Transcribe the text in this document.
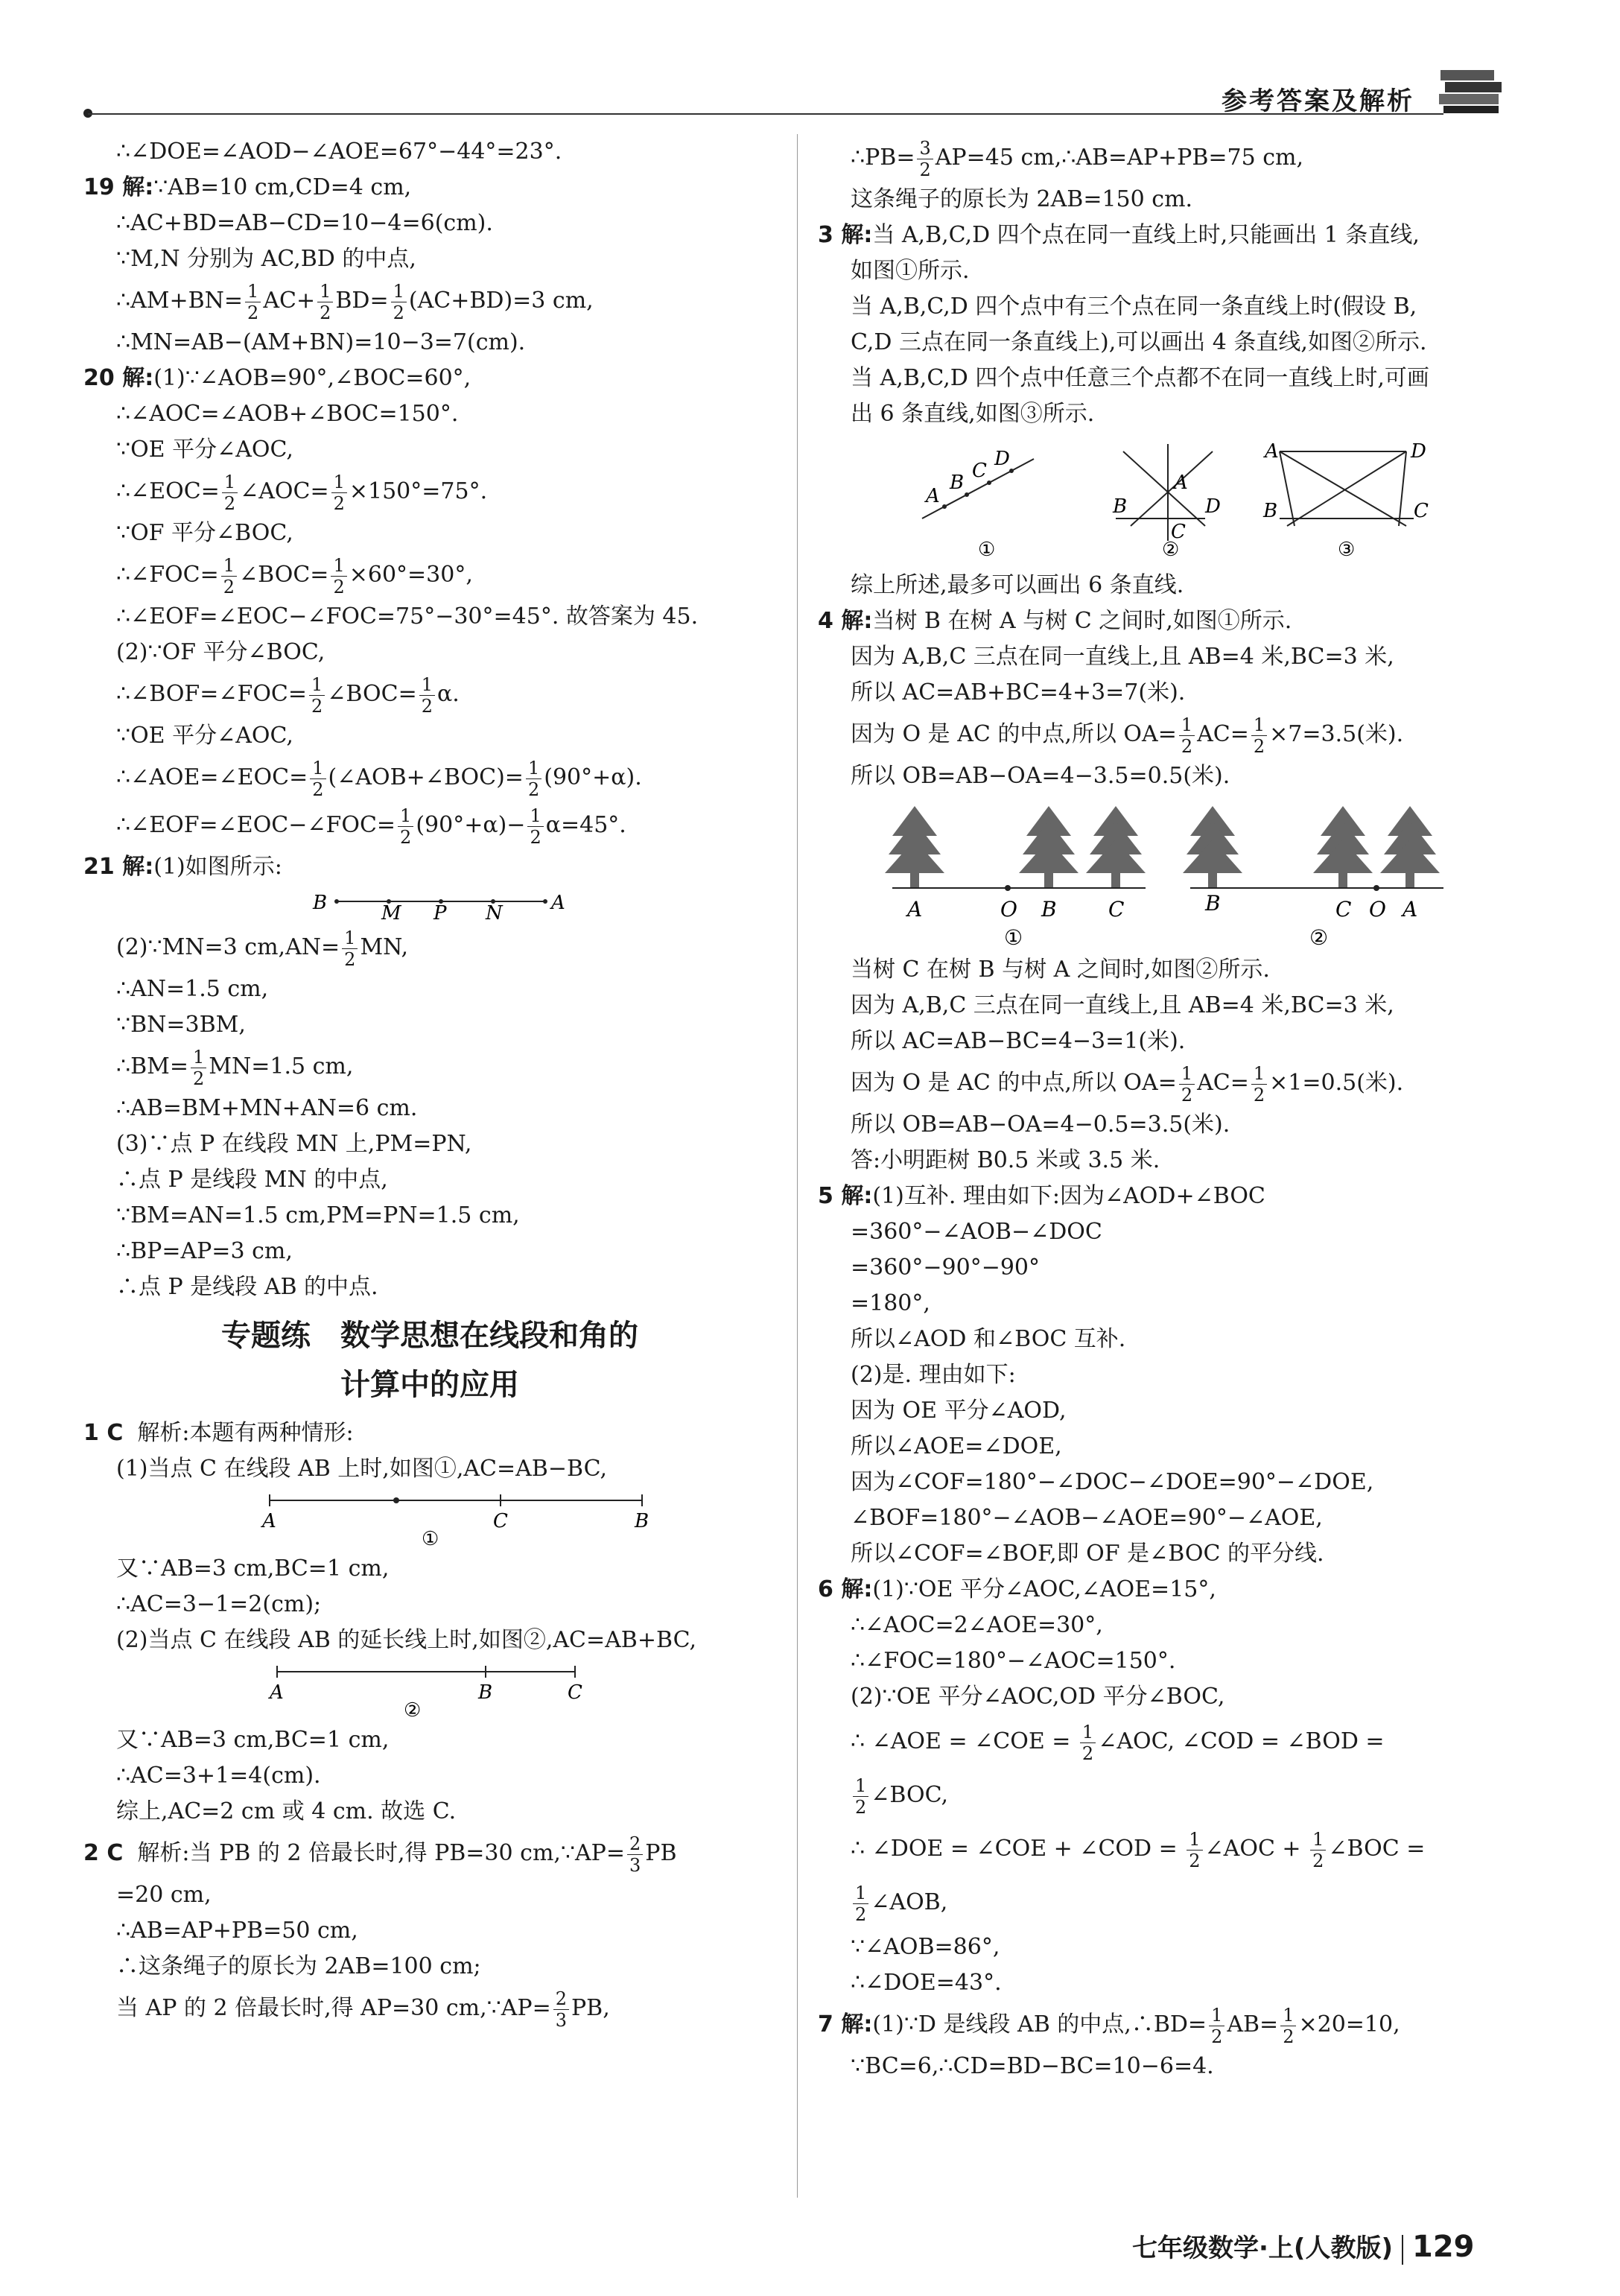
参考答案及解析
∴∠DOE=∠AOD−∠AOE=67°−44°=23°.
19 解:∵AB=10 cm,CD=4 cm,
∴AC+BD=AB−CD=10−4=6(cm).
∵M,N 分别为 AC,BD 的中点,
∴AM+BN= $\frac{1}{2} AC+ \frac{1}{2} BD= \frac{1}{2} (AC+BD)=3$ cm,
∴MN=AB−(AM+BN)=10−3=7(cm).
20 解:(1)∵∠AOB=90°,∠BOC=60°,
∴∠AOC=∠AOB+∠BOC=150°.
∵OE 平分∠AOC,
∴∠EOC= $\frac{1}{2}$ ∠AOC= $\frac{1}{2} \times 150^\circ=75^\circ$.
∵OF 平分∠BOC,
∴∠FOC= $\frac{1}{2}$ ∠BOC= $\frac{1}{2} \times 60^\circ=30^\circ$,
∴∠EOF=∠EOC−∠FOC=75°−30°=45°. 故答案为 45.
(2)∵OF 平分∠BOC,
∴∠BOF=∠FOC= $\frac{1}{2}$ ∠BOC= $\frac{1}{2} \alpha$.
∵OE 平分∠AOC,
∴∠AOE=∠EOC= $\frac{1}{2}$ (∠AOB+∠BOC)= $\frac{1}{2} (90^\circ+\alpha)$.
∴∠EOF=∠EOC−∠FOC= $\frac{1}{2} (90^\circ+\alpha)- \frac{1}{2} \alpha=45^\circ$.
21 解:(1)如图所示:
B	M P N	A
(2)∵MN=3 $cm,AN= \frac{1}{2}$ MN,
∴AN=1.5 cm,
∵BN=3BM,
∴BM= $\frac{1}{2} MN=1.5$ cm,
∴AB=BM+MN+AN=6 cm.
(3)∵点 P 在线段 MN 上,PM=PN,
∴点 P 是线段 MN 的中点,
∵BM=AN=1.5 cm,PM=PN=1.5 cm,
∴BP=AP=3 cm,
∴点 P 是线段 AB 的中点.
专题练　数学思想在线段和角的
计算中的应用
1 C 解析:本题有两种情形:
(1)当点 C 在线段 AB 上时,如图①,AC=AB−BC,
A	C	B
①
又∵AB=3 cm,BC=1 cm,
∴AC=3−1=2(cm);
(2)当点 C 在线段 AB 的延长线上时,如图②,AC=AB+BC,
A	B	C
②
又∵AB=3 cm,BC=1 cm,
∴AC=3+1=4(cm).
综上,AC=2 cm 或 4 cm. 故选 C.
2 C 解析:当 PB 的 2 倍最长时,得 PB=30 cm,∵AP= $\frac{2}{3}$ PB
=20 cm,
∴AB=AP+PB=50 cm,
∴这条绳子的原长为 2AB=100 cm;
当 AP 的 2 倍最长时,得 AP=30 cm,∵AP= $\frac{2}{3}$ PB,
∴PB= $\frac{3}{2} AP=45$ cm,∴AB=AP+PB=75 cm,
这条绳子的原长为 2AB=150 cm.
3 解:当 A,B,C,D 四个点在同一直线上时,只能画出 1 条直线,
如图①所示.
当 A,B,C,D 四个点中有三个点在同一条直线上时(假设 B,
C,D 三点在同一条直线上),可以画出 4 条直线,如图②所示.
当 A,B,C,D 四个点中任意三个点都不在同一直线上时,可画
出 6 条直线,如图③所示.
A
B
C
D
①
A
B
C
D
②
A
B	C
D
③
综上所述,最多可以画出 6 条直线.
4 解:当树 B 在树 A 与树 C 之间时,如图①所示.
因为 A,B,C 三点在同一直线上,且 AB=4 米,BC=3 米,
所以 AC=AB+BC=4+3=7(米).
因为 O 是 AC 的中点,所以 $OA= \frac{1}{2} AC= \frac{1}{2} \times 7=3.5$(米).
所以 OB=AB−OA=4−3.5=0.5(米).
A	O B C	B	C O A
①	②
当树 C 在树 B 与树 A 之间时,如图②所示.
因为 A,B,C 三点在同一直线上,且 AB=4 米,BC=3 米,
所以 AC=AB−BC=4−3=1(米).
因为 O 是 AC 的中点,所以 $OA= \frac{1}{2} AC= \frac{1}{2} \times 1=0.5$(米).
所以 OB=AB−OA=4−0.5=3.5(米).
答:小明距树 B0.5 米或 3.5 米.
5 解:(1)互补. 理由如下:因为∠AOD+∠BOC
=360°−∠AOB−∠DOC
=360°−90°−90°
=180°,
所以∠AOD 和∠BOC 互补.
(2)是. 理由如下:
因为 OE 平分∠AOD,
所以∠AOE=∠DOE,
因为∠COF=180°−∠DOC−∠DOE=90°−∠DOE,
∠BOF=180°−∠AOB−∠AOE=90°−∠AOE,
所以∠COF=∠BOF,即 OF 是∠BOC 的平分线.
6 解:(1)∵OE 平分∠AOC,∠AOE=15°,
∴∠AOC=2∠AOE=30°,
∴∠FOC=180°−∠AOC=150°.
(2)∵OE 平分∠AOC,OD 平分∠BOC,
∴ ∠AOE = ∠COE = $\frac{1}{2}$ ∠AOC, ∠COD = ∠BOD =
$\frac{1}{2}$ ∠BOC,
∴ ∠DOE = ∠COE + ∠COD = $\frac{1}{2}$ ∠AOC + $\frac{1}{2}$ ∠BOC =
$\frac{1}{2}$ ∠AOB,
∵∠AOB=86°,
∴∠DOE=43°.
7 解:(1)∵D 是线段 AB 的中点,∴BD= $\frac{1}{2} AB= \frac{1}{2} \times 20=10$,
∵BC=6,∴CD=BD−BC=10−6=4.
七年级数学·上(人教版) 129
